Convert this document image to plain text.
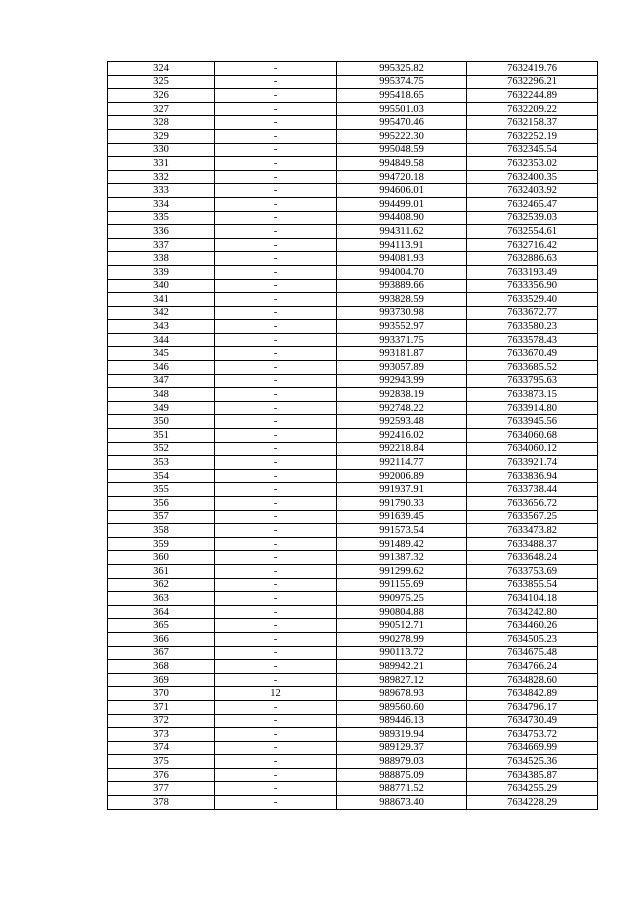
324	-	995325.82	7632419.76
325	-	995374.75	7632296.21
326	-	995418.65	7632244.89
327	-	995501.03	7632209.22
328	-	995470.46	7632158.37
329	-	995222.30	7632252.19
330	-	995048.59	7632345.54
331	-	994849.58	7632353.02
332	-	994720.18	7632400.35
333	-	994606.01	7632403.92
334	-	994499.01	7632465.47
335	-	994408.90	7632539.03
336	-	994311.62	7632554.61
337	-	994113.91	7632716.42
338	-	994081.93	7632886.63
339	-	994004.70	7633193.49
340	-	993889.66	7633356.90
341	-	993828.59	7633529.40
342	-	993730.98	7633672.77
343	-	993552.97	7633580.23
344	-	993371.75	7633578.43
345	-	993181.87	7633670.49
346	-	993057.89	7633685.52
347	-	992943.99	7633795.63
348	-	992838.19	7633873.15
349	-	992748.22	7633914.80
350	-	992593.48	7633945.56
351	-	992416.02	7634060.68
352	-	992218.84	7634060.12
353	-	992114.77	7633921.74
354	-	992006.89	7633836.94
355	-	991937.91	7633738.44
356	-	991790.33	7633656.72
357	-	991639.45	7633567.25
358	-	991573.54	7633473.82
359	-	991489.42	7633488.37
360	-	991387.32	7633648.24
361	-	991299.62	7633753.69
362	-	991155.69	7633855.54
363	-	990975.25	7634104.18
364	-	990804.88	7634242.80
365	-	990512.71	7634460.26
366	-	990278.99	7634505.23
367	-	990113.72	7634675.48
368	-	989942.21	7634766.24
369	-	989827.12	7634828.60
370	12	989678.93	7634842.89
371	-	989560.60	7634796.17
372	-	989446.13	7634730.49
373	-	989319.94	7634753.72
374	-	989129.37	7634669.99
375	-	988979.03	7634525.36
376	-	988875.09	7634385.87
377	-	988771.52	7634255.29
378	-	988673.40	7634228.29
